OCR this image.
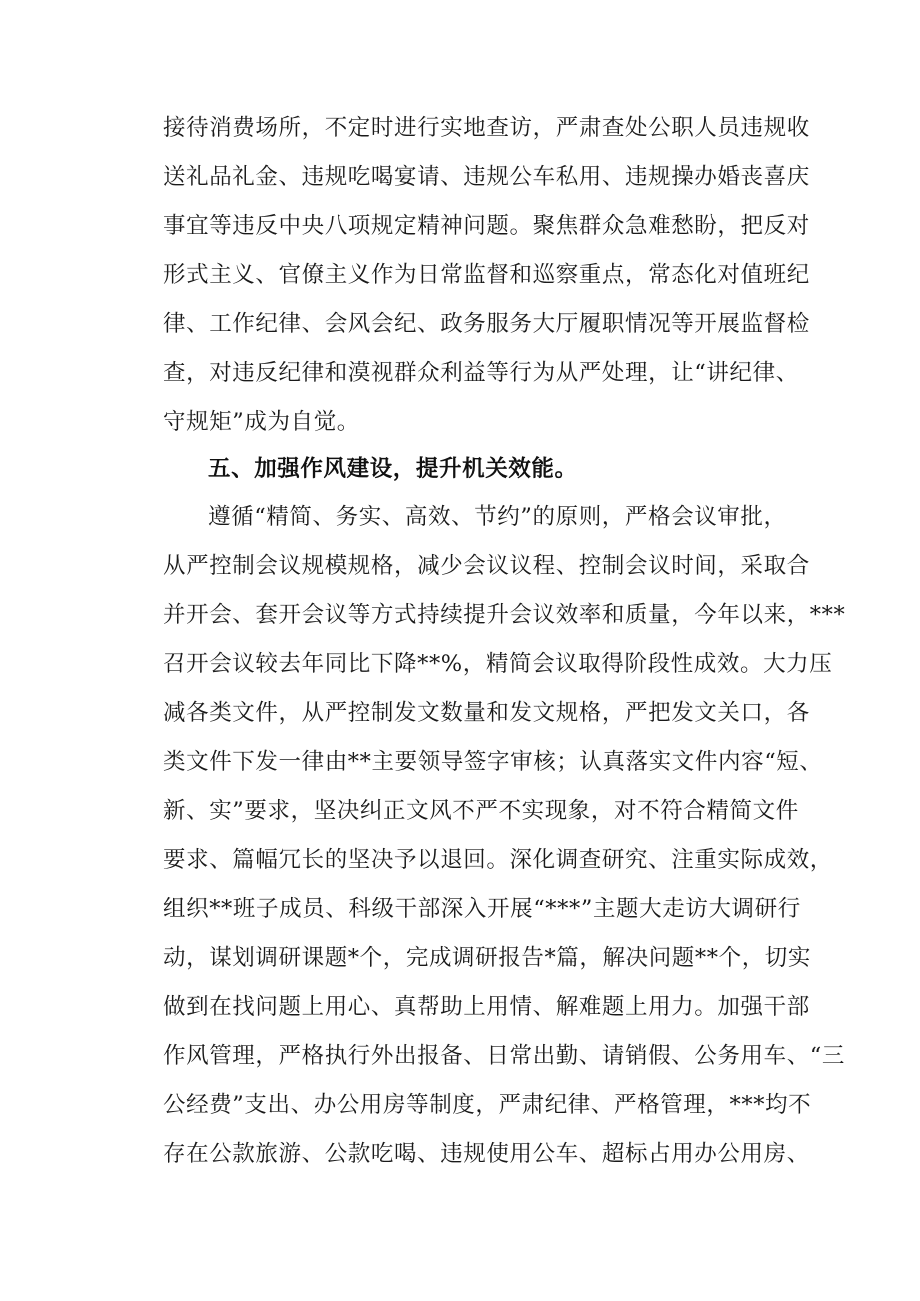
接待消费场所，不定时进行实地查访，严肃查处公职人员违规收
送礼品礼金、违规吃喝宴请、违规公车私用、违规操办婚丧喜庆
事宜等违反中央八项规定精神问题。聚焦群众急难愁盼，把反对
形式主义、官僚主义作为日常监督和巡察重点，常态化对值班纪
律、工作纪律、会风会纪、政务服务大厅履职情况等开展监督检
查，对违反纪律和漠视群众利益等行为从严处理，让“讲纪律、
守规矩”成为自觉。
五、加强作风建设，提升机关效能。
遵循“精简、务实、高效、节约”的原则，严格会议审批，
从严控制会议规模规格，减少会议议程、控制会议时间，采取合
并开会、套开会议等方式持续提升会议效率和质量，今年以来，***
召开会议较去年同比下降**%，精简会议取得阶段性成效。大力压
减各类文件，从严控制发文数量和发文规格，严把发文关口，各
类文件下发一律由**主要领导签字审核；认真落实文件内容“短、
新、实”要求，坚决纠正文风不严不实现象，对不符合精简文件
要求、篇幅冗长的坚决予以退回。深化调查研究、注重实际成效，
组织**班子成员、科级干部深入开展“***”主题大走访大调研行
动，谋划调研课题*个，完成调研报告*篇，解决问题**个，切实
做到在找问题上用心、真帮助上用情、解难题上用力。加强干部
作风管理，严格执行外出报备、日常出勤、请销假、公务用车、“三
公经费”支出、办公用房等制度，严肃纪律、严格管理，***均不
存在公款旅游、公款吃喝、违规使用公车、超标占用办公用房、
